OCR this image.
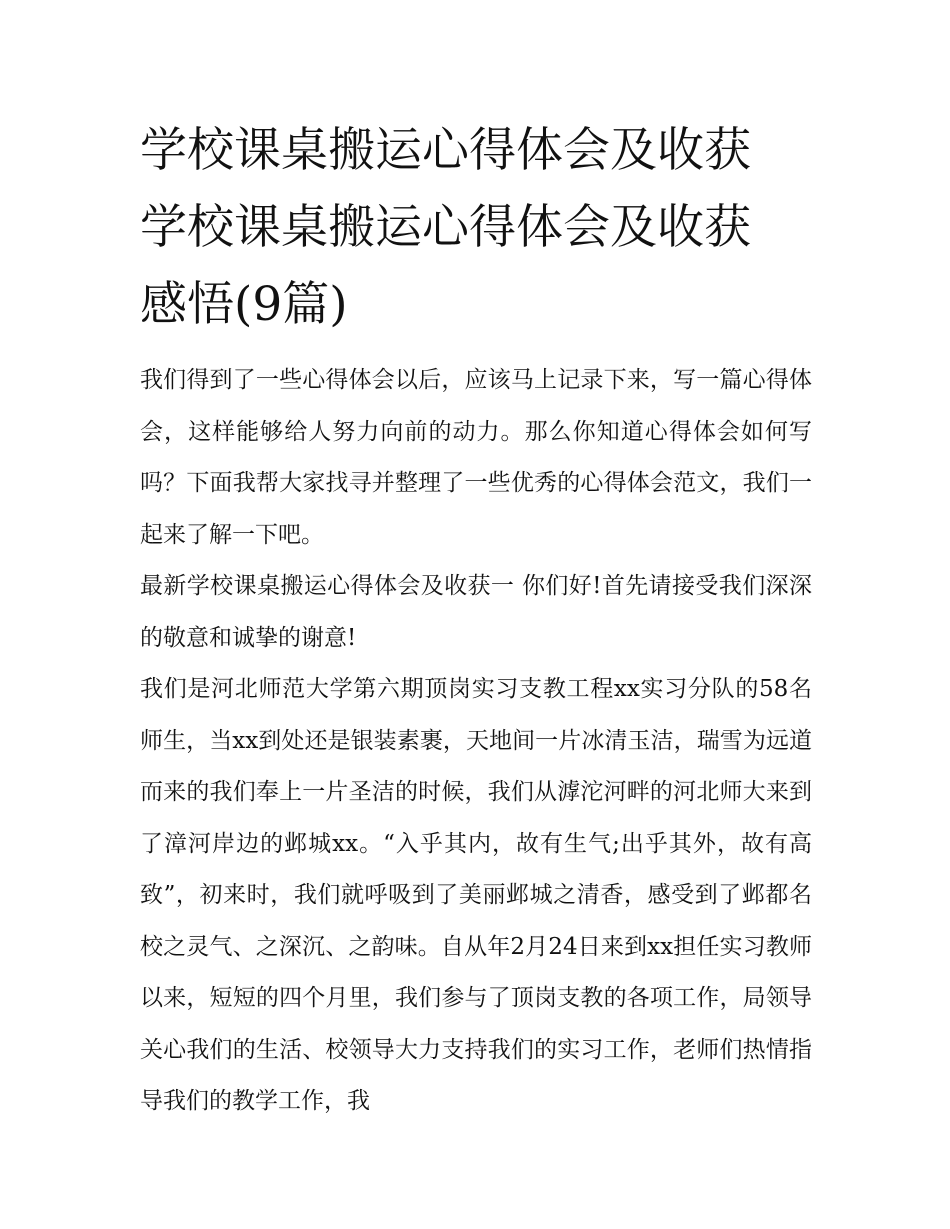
学校课桌搬运心得体会及收获
学校课桌搬运心得体会及收获
感悟(9篇)

我们得到了一些心得体会以后，应该马上记录下来，写一篇心得体会，这样能够给人努力向前的动力。那么你知道心得体会如何写吗？下面我帮大家找寻并整理了一些优秀的心得体会范文，我们一起来了解一下吧。

最新学校课桌搬运心得体会及收获一 你们好!首先请接受我们深深的敬意和诚挚的谢意!

我们是河北师范大学第六期顶岗实习支教工程xx实习分队的58名师生，当xx到处还是银装素裹，天地间一片冰清玉洁，瑞雪为远道而来的我们奉上一片圣洁的时候，我们从滹沱河畔的河北师大来到了漳河岸边的邺城xx。“入乎其内，故有生气;出乎其外，故有高致”，初来时，我们就呼吸到了美丽邺城之清香，感受到了邺都名校之灵气、之深沉、之韵味。自从年2月24日来到xx担任实习教师以来，短短的四个月里，我们参与了顶岗支教的各项工作，局领导关心我们的生活、校领导大力支持我们的实习工作，老师们热情指导我们的教学工作，我
